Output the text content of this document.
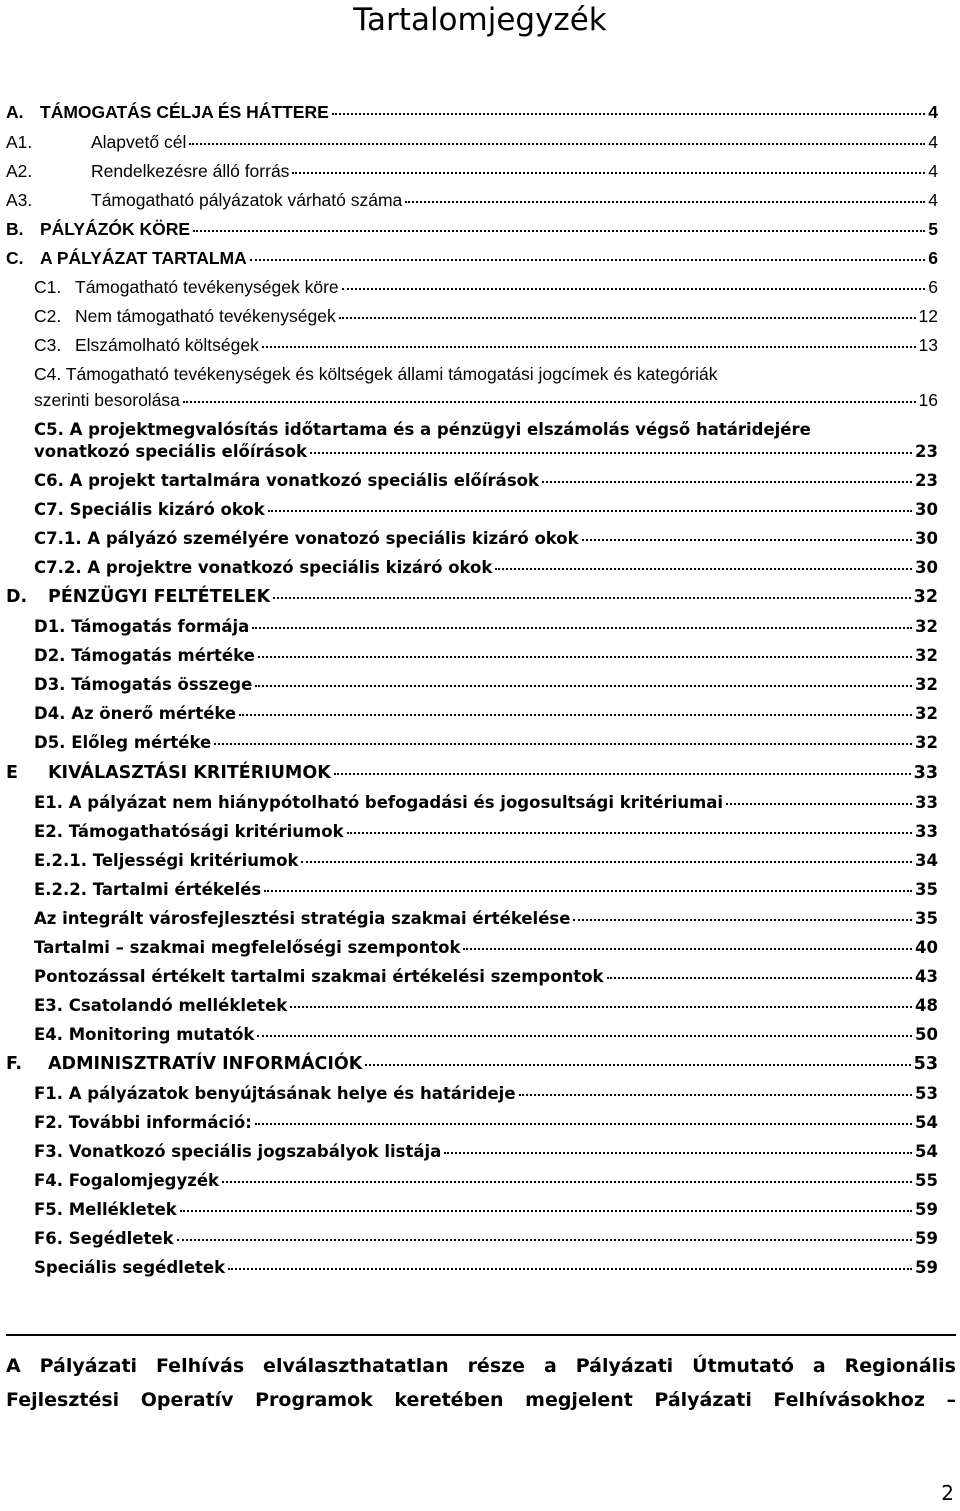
Tartalomjegyzék
A. TÁMOGATÁS CÉLJA ÉS HÁTTERE	4
A1.	Alapvető cél	4
A2.	Rendelkezésre álló forrás	4
A3.	Támogatható pályázatok várható száma	4
B. PÁLYÁZÓK KÖRE	5
C. A PÁLYÁZAT TARTALMA	6
C1. Támogatható tevékenységek köre	6
C2. Nem támogatható tevékenységek	12
C3. Elszámolható költségek	13
C4. Támogatható tevékenységek és költségek állami támogatási jogcímek és kategóriák
szerinti besorolása	16
C5. A projektmegvalósítás időtartama és a pénzügyi elszámolás végső határidejére
vonatkozó speciális előírások	23
C6. A projekt tartalmára vonatkozó speciális előírások	23
C7. Speciális kizáró okok	30
C7.1. A pályázó személyére vonatozó speciális kizáró okok	30
C7.2. A projektre vonatkozó speciális kizáró okok	30
D.	PÉNZÜGYI FELTÉTELEK	32
D1. Támogatás formája	32
D2. Támogatás mértéke	32
D3. Támogatás összege	32
D4. Az önerő mértéke	32
D5. Előleg mértéke	32
E	KIVÁLASZTÁSI KRITÉRIUMOK	33
E1. A pályázat nem hiánypótolható befogadási és jogosultsági kritériumai	33
E2. Támogathatósági kritériumok	33
E.2.1. Teljességi kritériumok	34
E.2.2. Tartalmi értékelés	35
Az integrált városfejlesztési stratégia szakmai értékelése	35
Tartalmi – szakmai megfelelőségi szempontok	40
Pontozással értékelt tartalmi szakmai értékelési szempontok	43
E3. Csatolandó mellékletek	48
E4. Monitoring mutatók	50
F.	ADMINISZTRATÍV INFORMÁCIÓK	53
F1. A pályázatok benyújtásának helye és határideje	53
F2. További információ:	54
F3. Vonatkozó speciális jogszabályok listája	54
F4. Fogalomjegyzék	55
F5. Mellékletek	59
F6. Segédletek	59
Speciális segédletek	59

A Pályázati Felhívás elválaszthatatlan része a Pályázati Útmutató a Regionális

Fejlesztési Operatív Programok keretében megjelent Pályázati Felhívásokhoz –

2
